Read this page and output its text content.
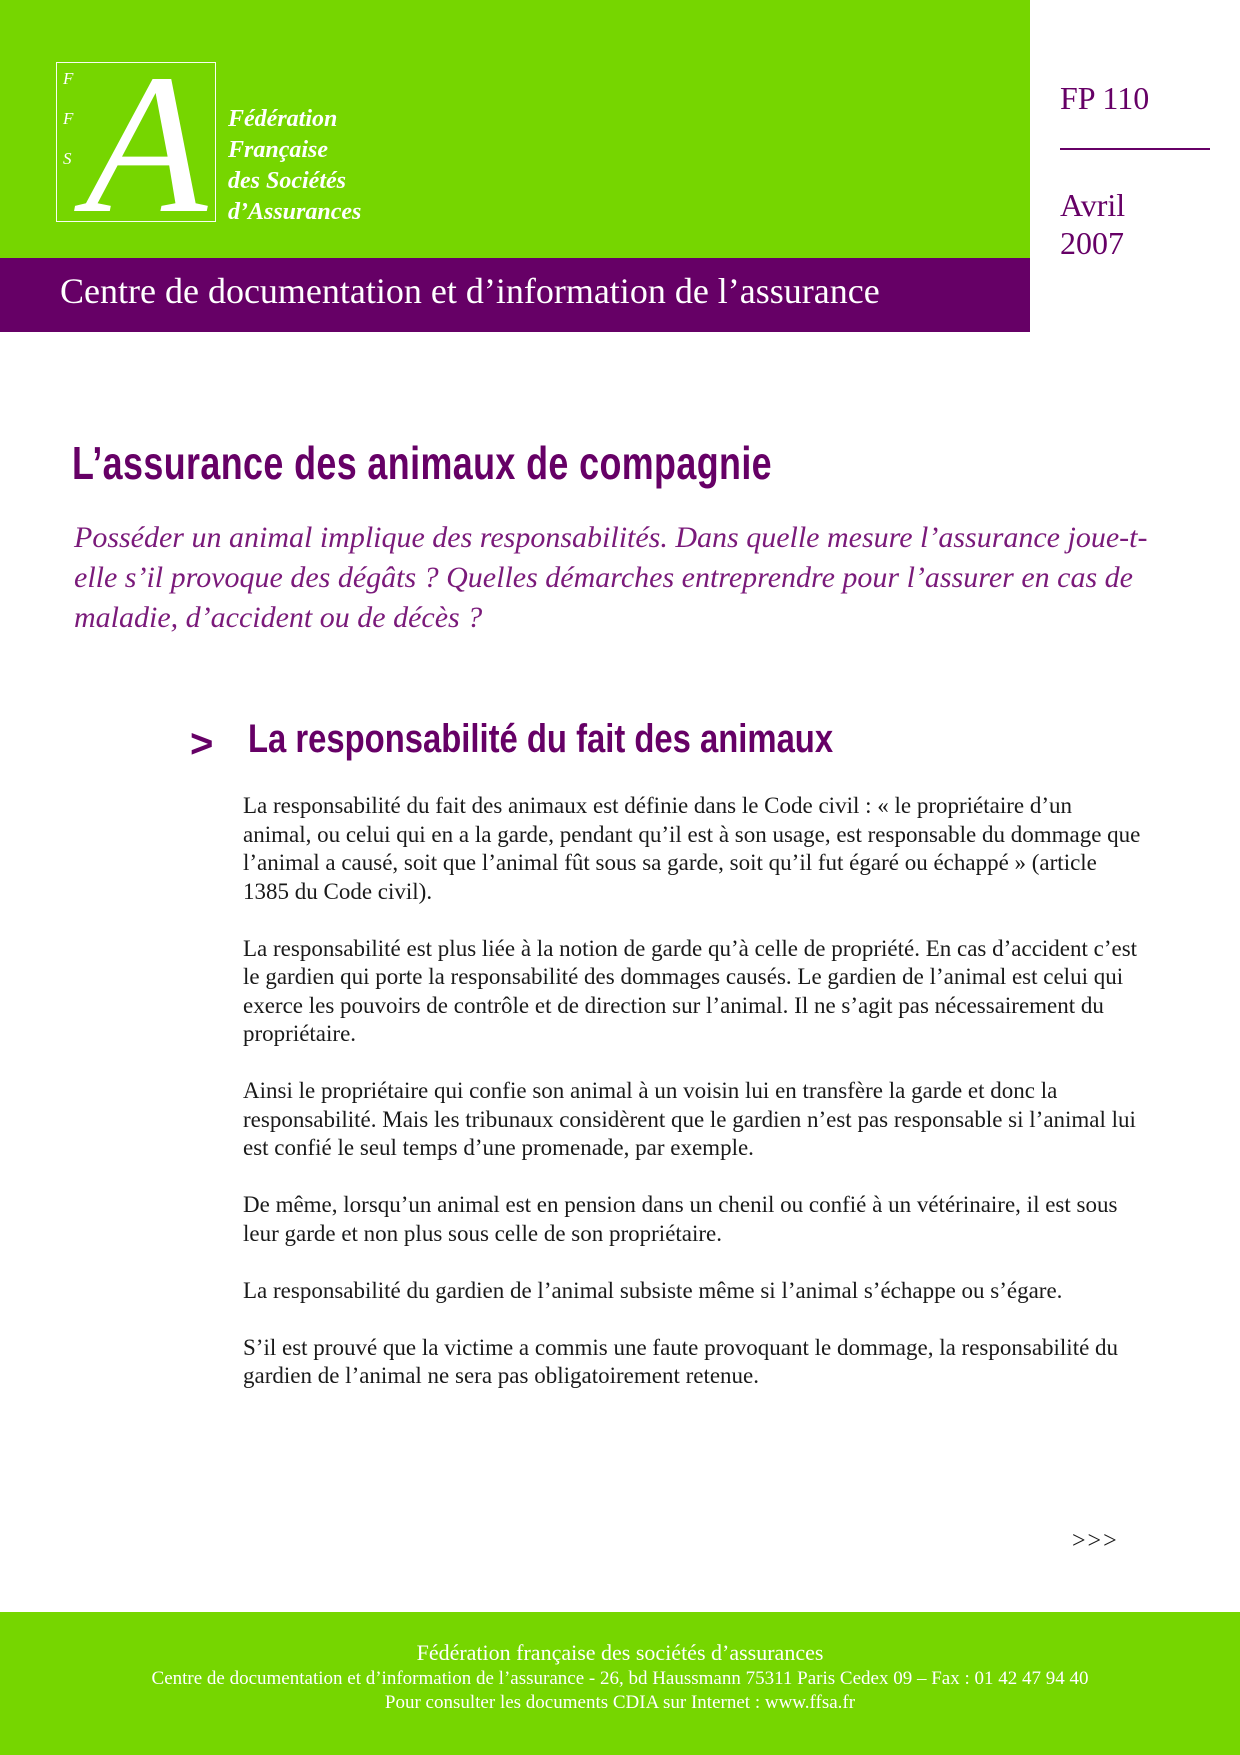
F
F
S A Fédération
Française
des Sociétés
d’Assurances
Centre de documentation et d’information de l’assurance
FP 110
Avril
2007
L’assurance des animaux de compagnie

Posséder un animal implique des responsabilités. Dans quelle mesure l’assurance joue-t-elle s’il provoque des dégâts ? Quelles démarches entreprendre pour l’assurer en cas de maladie, d’accident ou de décès ?

> La responsabilité du fait des animaux

La responsabilité du fait des animaux est définie dans le Code civil : « le propriétaire d’un animal, ou celui qui en a la garde, pendant qu’il est à son usage, est responsable du dommage que l’animal a causé, soit que l’animal fût sous sa garde, soit qu’il fut égaré ou échappé » (article 1385 du Code civil).

La responsabilité est plus liée à la notion de garde qu’à celle de propriété. En cas d’accident c’est le gardien qui porte la responsabilité des dommages causés. Le gardien de l’animal est celui qui exerce les pouvoirs de contrôle et de direction sur l’animal. Il ne s’agit pas nécessairement du propriétaire.

Ainsi le propriétaire qui confie son animal à un voisin lui en transfère la garde et donc la responsabilité. Mais les tribunaux considèrent que le gardien n’est pas responsable si l’animal lui est confié le seul temps d’une promenade, par exemple.

De même, lorsqu’un animal est en pension dans un chenil ou confié à un vétérinaire, il est sous leur garde et non plus sous celle de son propriétaire.

La responsabilité du gardien de l’animal subsiste même si l’animal s’échappe ou s’égare.

S’il est prouvé que la victime a commis une faute provoquant le dommage, la responsabilité du gardien de l’animal ne sera pas obligatoirement retenue.

>>>
Fédération française des sociétés d’assurances
Centre de documentation et d’information de l’assurance - 26, bd Haussmann 75311 Paris Cedex 09 – Fax : 01 42 47 94 40
Pour consulter les documents CDIA sur Internet : www.ffsa.fr
